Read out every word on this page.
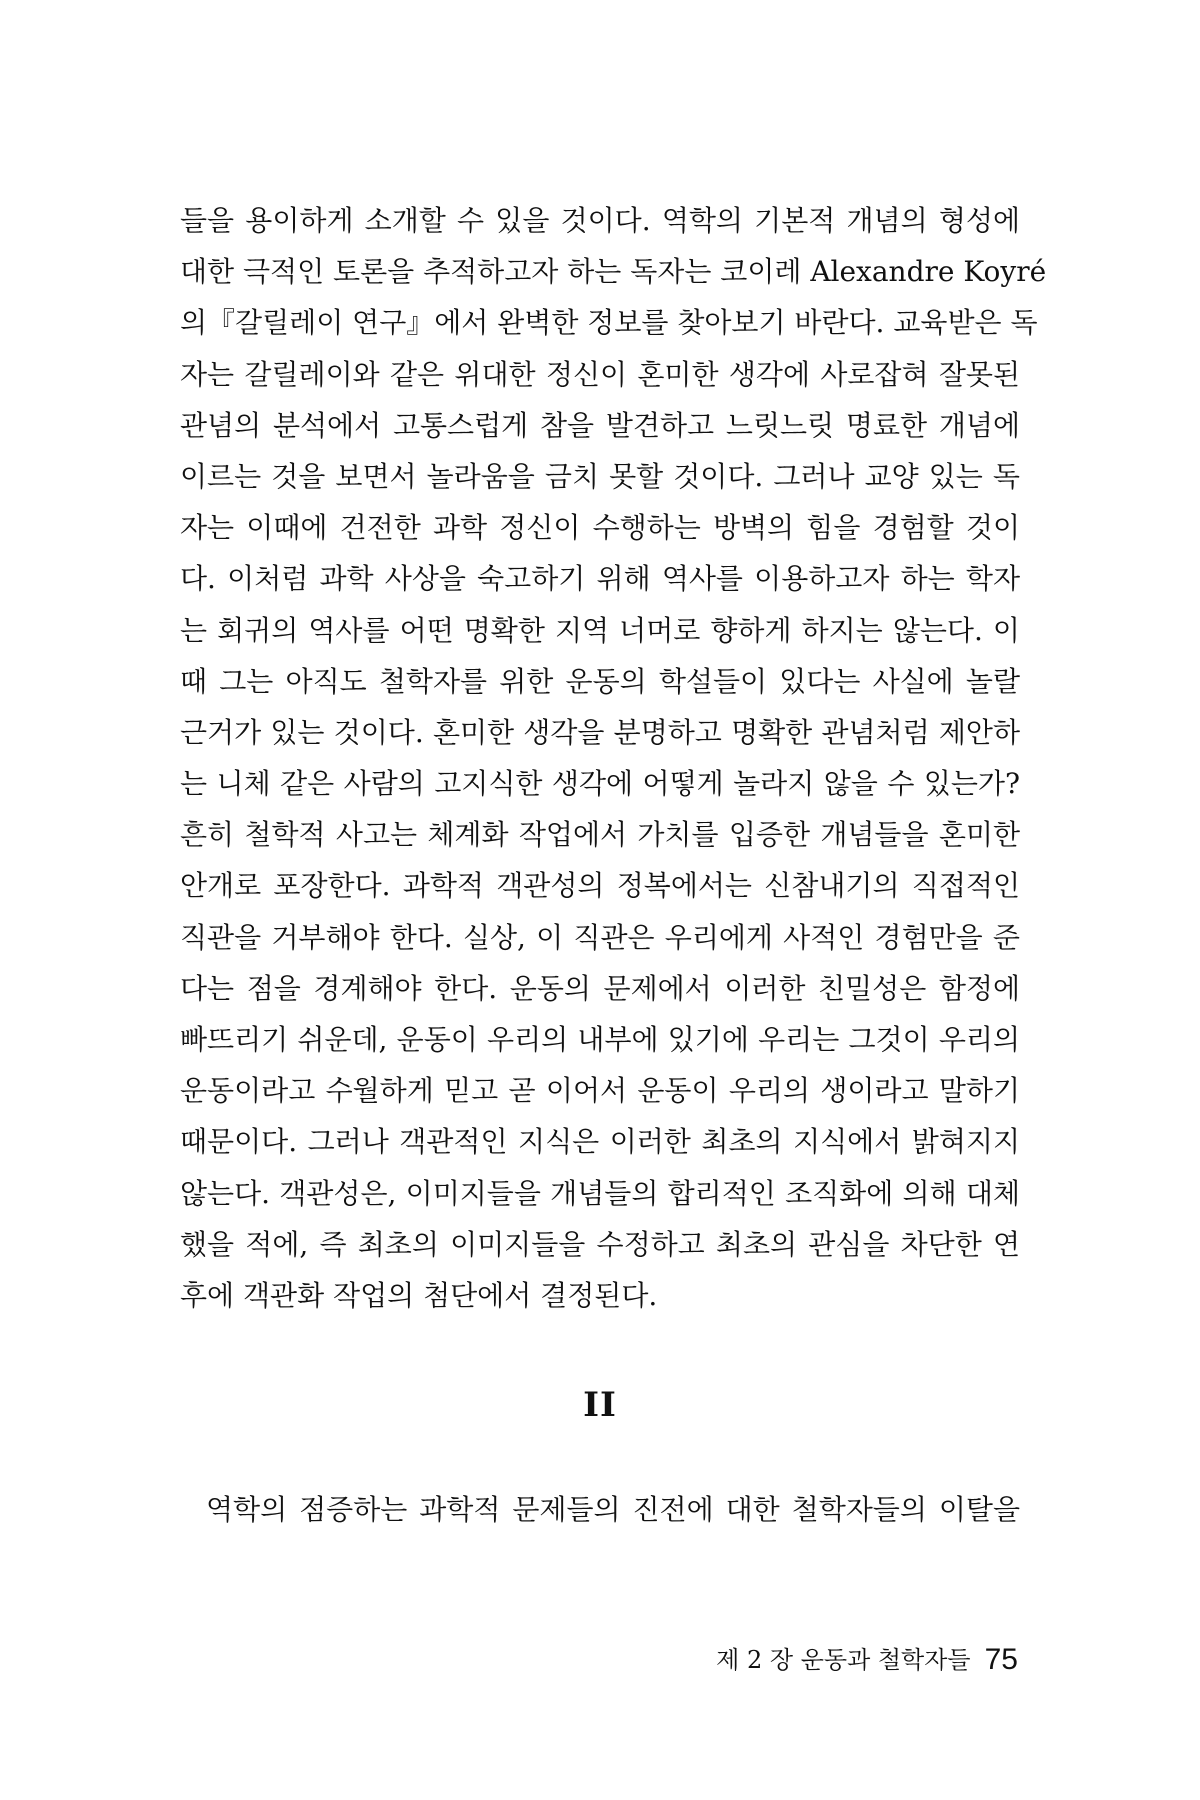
들을 용이하게 소개할 수 있을 것이다. 역학의 기본적 개념의 형성에
대한 극적인 토론을 추적하고자 하는 독자는 코이레 Alexandre Koyré
의『갈릴레이 연구』에서 완벽한 정보를 찾아보기 바란다. 교육받은 독
자는 갈릴레이와 같은 위대한 정신이 혼미한 생각에 사로잡혀 잘못된
관념의 분석에서 고통스럽게 참을 발견하고 느릿느릿 명료한 개념에
이르는 것을 보면서 놀라움을 금치 못할 것이다. 그러나 교양 있는 독
자는 이때에 건전한 과학 정신이 수행하는 방벽의 힘을 경험할 것이
다. 이처럼 과학 사상을 숙고하기 위해 역사를 이용하고자 하는 학자
는 회귀의 역사를 어떤 명확한 지역 너머로 향하게 하지는 않는다. 이
때 그는 아직도 철학자를 위한 운동의 학설들이 있다는 사실에 놀랄
근거가 있는 것이다. 혼미한 생각을 분명하고 명확한 관념처럼 제안하
는 니체 같은 사람의 고지식한 생각에 어떻게 놀라지 않을 수 있는가?
흔히 철학적 사고는 체계화 작업에서 가치를 입증한 개념들을 혼미한
안개로 포장한다. 과학적 객관성의 정복에서는 신참내기의 직접적인
직관을 거부해야 한다. 실상, 이 직관은 우리에게 사적인 경험만을 준
다는 점을 경계해야 한다. 운동의 문제에서 이러한 친밀성은 함정에
빠뜨리기 쉬운데, 운동이 우리의 내부에 있기에 우리는 그것이 우리의
운동이라고 수월하게 믿고 곧 이어서 운동이 우리의 생이라고 말하기
때문이다. 그러나 객관적인 지식은 이러한 최초의 지식에서 밝혀지지
않는다. 객관성은, 이미지들을 개념들의 합리적인 조직화에 의해 대체
했을 적에, 즉 최초의 이미지들을 수정하고 최초의 관심을 차단한 연
후에 객관화 작업의 첨단에서 결정된다.
II
역학의 점증하는 과학적 문제들의 진전에 대한 철학자들의 이탈을
제 2 장 운동과 철학자들 75
